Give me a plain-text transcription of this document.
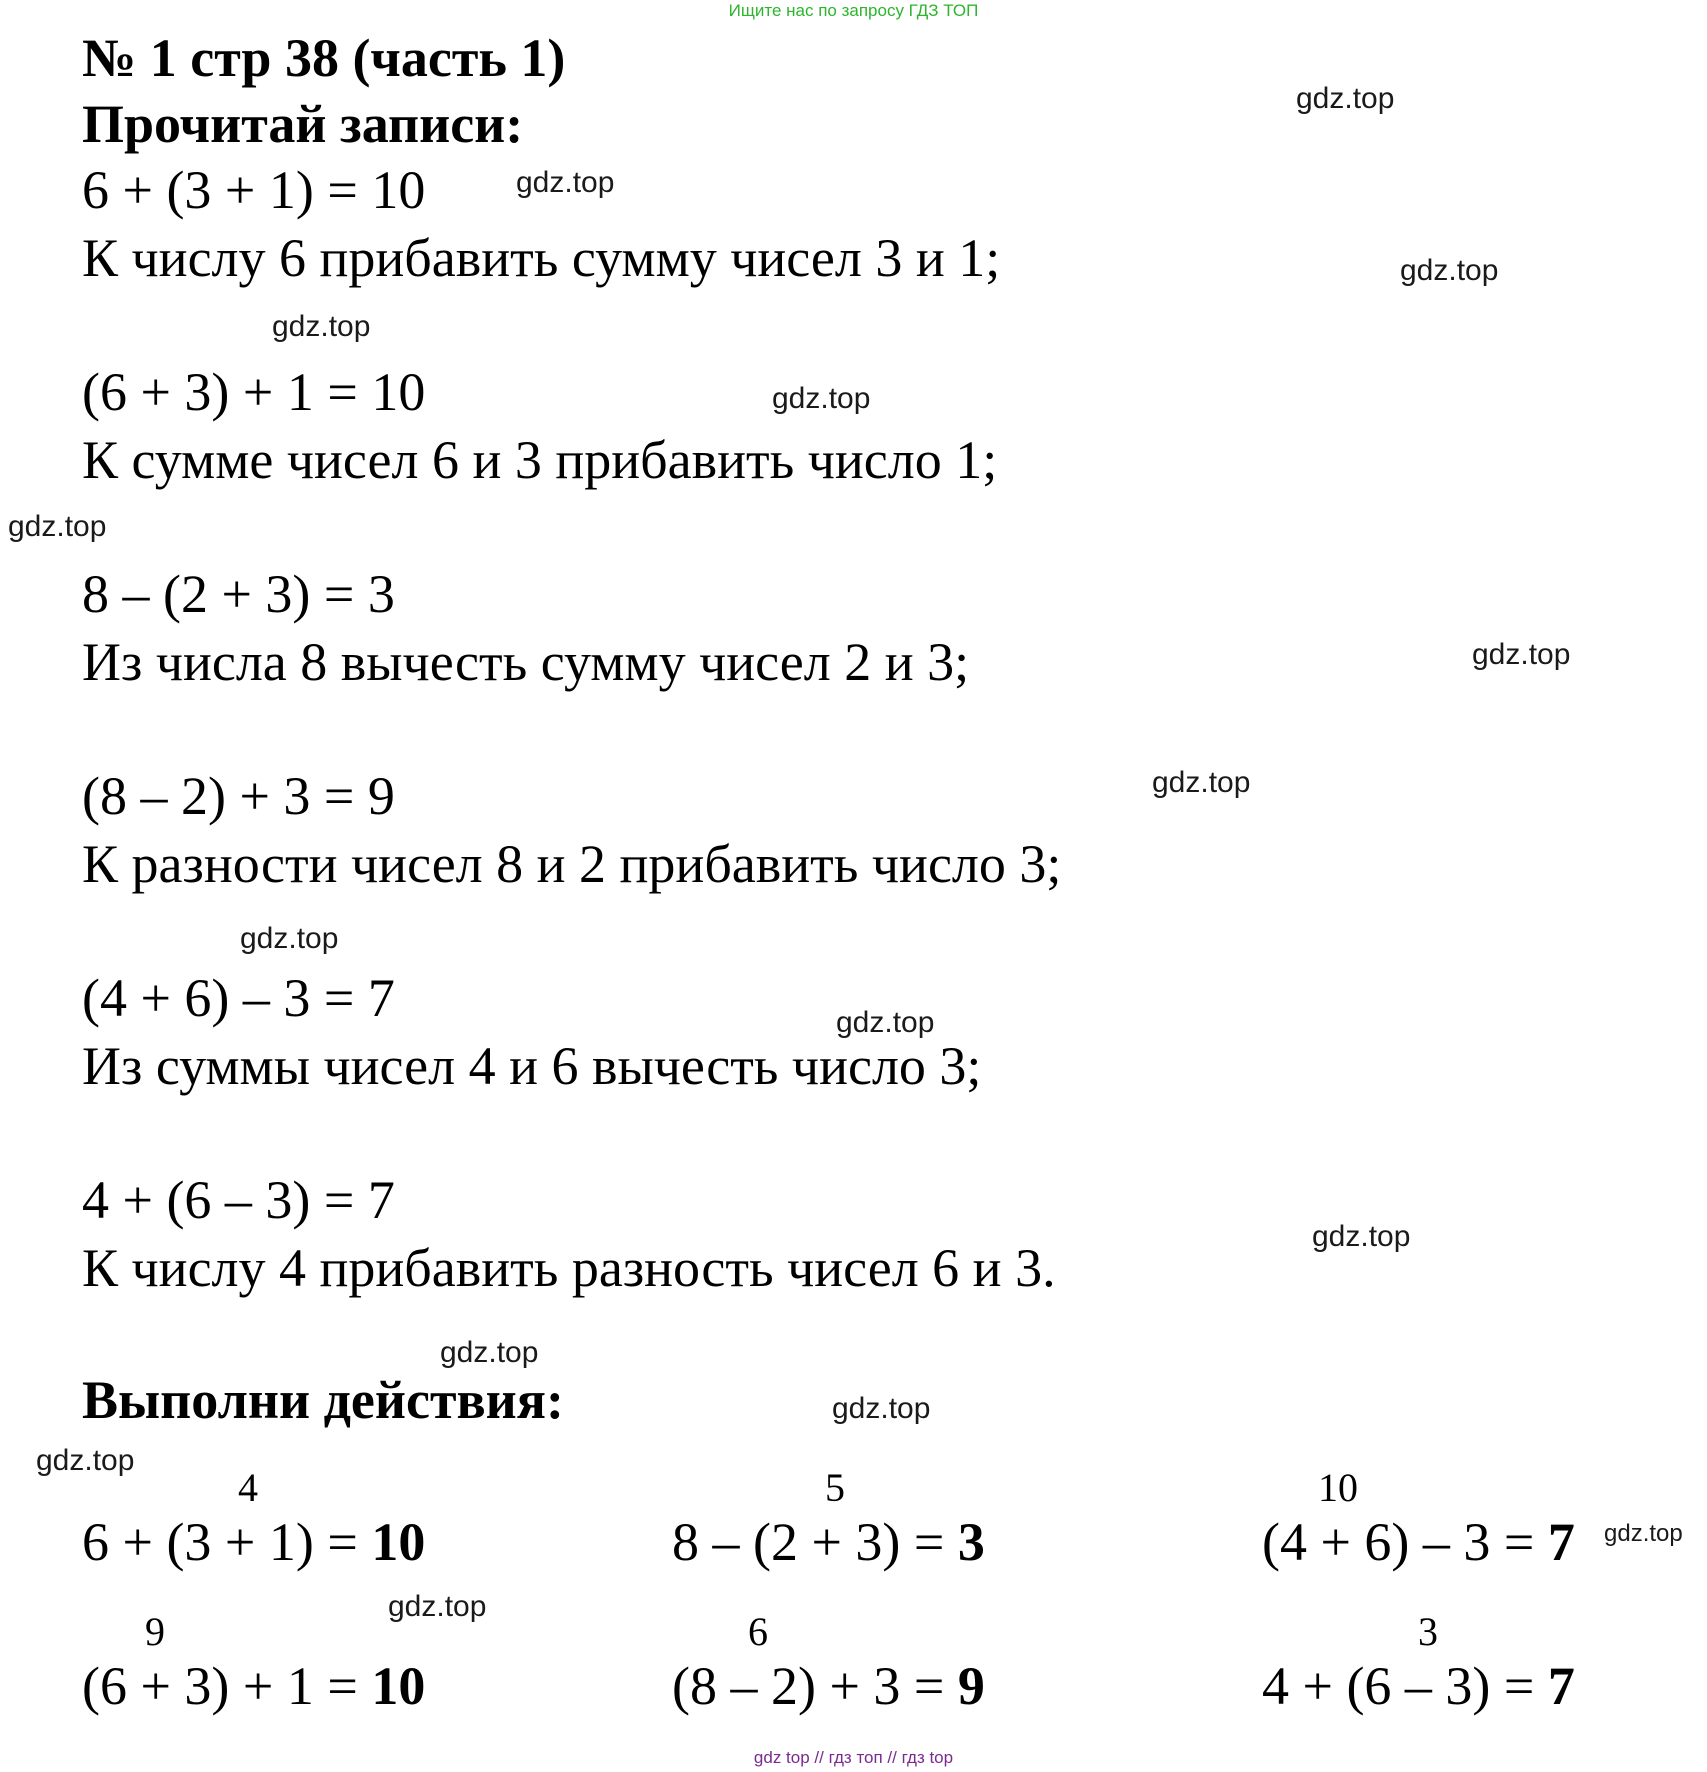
Ищите нас по запросу ГДЗ ТОП
№ 1 стр 38 (часть 1)
Прочитай записи:
6 + (3 + 1) = 10
К числу 6 прибавить сумму чисел 3 и 1;
(6 + 3) + 1 = 10
К сумме чисел 6 и 3 прибавить число 1;
8 – (2 + 3) = 3
Из числа 8 вычесть сумму чисел 2 и 3;
(8 – 2) + 3 = 9
К разности чисел 8 и 2 прибавить число 3;
(4 + 6) – 3 = 7
Из суммы чисел 4 и 6 вычесть число 3;
4 + (6 – 3) = 7
К числу 4 прибавить разность чисел 6 и 3.
Выполни действия:
4
6 + (3 + 1) = 10
5
8 – (2 + 3) = 3
10
(4 + 6) – 3 = 7
9
(6 + 3) + 1 = 10
6
(8 – 2) + 3 = 9
3
4 + (6 – 3) = 7
gdz.top
gdz.top
gdz.top
gdz.top
gdz.top
gdz.top
gdz.top
gdz.top
gdz.top
gdz.top
gdz.top
gdz.top
gdz.top
gdz.top
gdz.top
gdz.top
gdz top // гдз топ // гдз top
